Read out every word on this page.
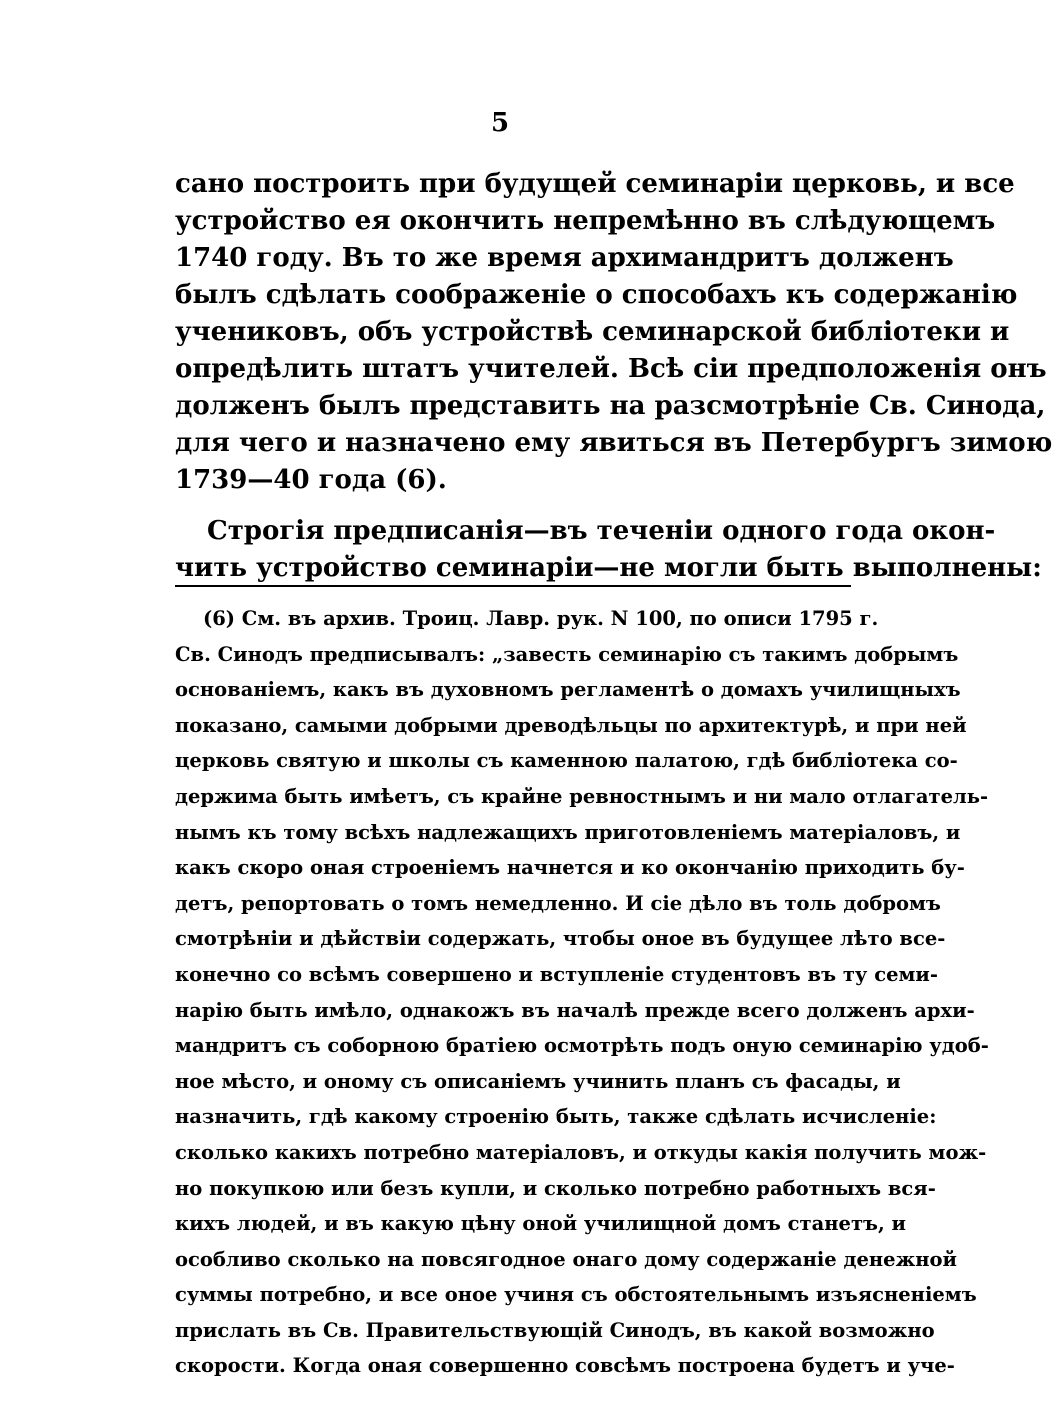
5
сано построить при будущей семинаріи церковь, и все
устройство ея окончить непремѣнно въ слѣдующемъ
1740 году. Въ то же время архимандритъ долженъ
былъ сдѣлать соображеніе о способахъ къ содержанію
учениковъ, объ устройствѣ семинарской библіотеки и
опредѣлить штатъ учителей. Всѣ сіи предположенія онъ
долженъ былъ представить на разсмотрѣніе Св. Синода,
для чего и назначено ему явиться въ Петербургъ зимою
1739—40 года (6).
Строгія предписанія—въ теченіи одного года окон-
чить устройство семинаріи—не могли быть выполнены:
(6) См. въ архив. Троиц. Лавр. рук. N 100, по описи 1795 г.
Св. Синодъ предписывалъ: „завесть семинарію съ такимъ добрымъ
основаніемъ, какъ въ духовномъ регламентѣ о домахъ училищныхъ
показано, самыми добрыми древодѣльцы по архитектурѣ, и при ней
церковь святую и школы съ каменною палатою, гдѣ библіотека со-
держима быть имѣетъ, съ крайне ревностнымъ и ни мало отлагатель-
нымъ къ тому всѣхъ надлежащихъ приготовленіемъ матеріаловъ, и
какъ скоро оная строеніемъ начнется и ко окончанію приходить бу-
детъ, репортовать о томъ немедленно. И сіе дѣло въ толь добромъ
смотрѣніи и дѣйствіи содержать, чтобы оное въ будущее лѣто все-
конечно со всѣмъ совершено и вступленіе студентовъ въ ту семи-
нарію быть имѣло, однакожъ въ началѣ прежде всего долженъ архи-
мандритъ съ соборною братіею осмотрѣть подъ оную семинарію удоб-
ное мѣсто, и оному съ описаніемъ учинить планъ съ фасады, и
назначить, гдѣ какому строенію быть, также сдѣлать исчисленіе:
сколько какихъ потребно матеріаловъ, и откуды какія получить мож-
но покупкою или безъ купли, и сколько потребно работныхъ вся-
кихъ людей, и въ какую цѣну оной училищной домъ станетъ, и
особливо сколько на повсягодное онаго дому содержаніе денежной
суммы потребно, и все оное учиня съ обстоятельнымъ изъясненіемъ
прислать въ Св. Правительствующій Синодъ, въ какой возможно
скорости. Когда оная совершенно совсѣмъ построена будетъ и уче-
